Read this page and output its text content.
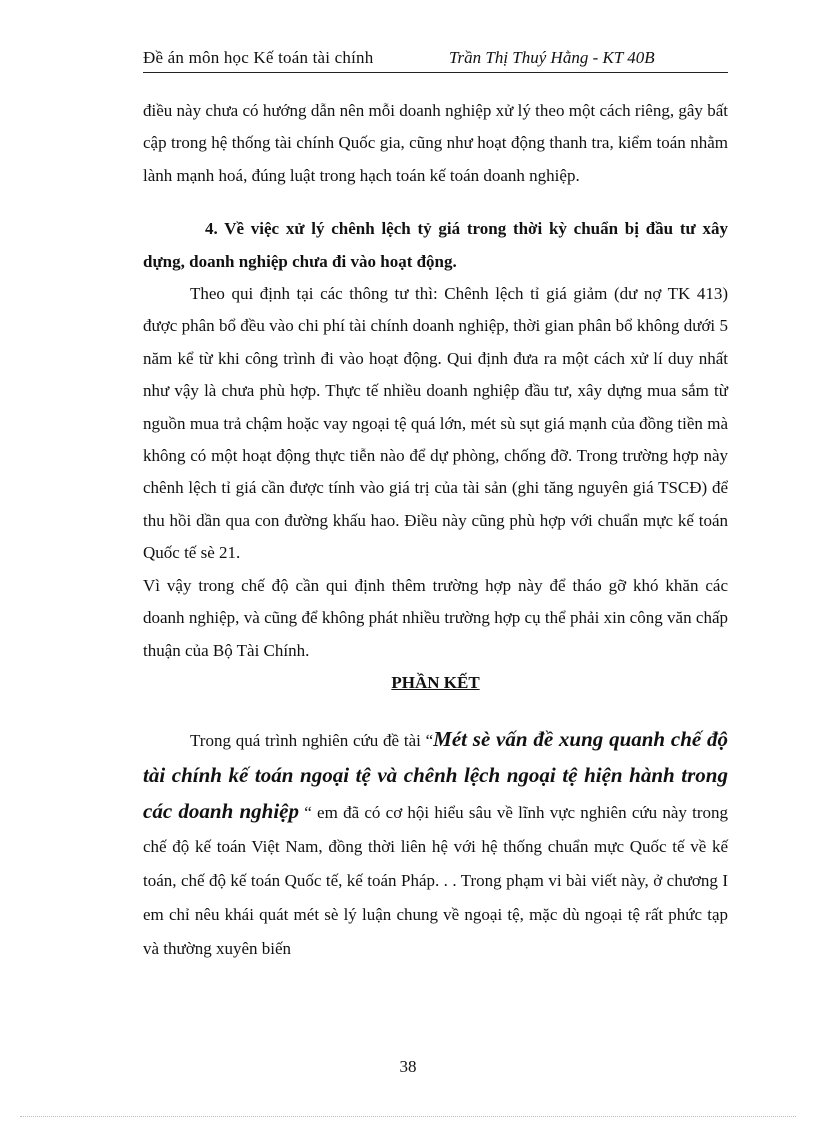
Đề án môn học Kế toán tài chính	Trần Thị Thuý Hằng - KT 40B

điều này chưa có hướng dẫn nên mỗi doanh nghiệp xử lý theo một cách riêng, gây bất cập trong hệ thống tài chính Quốc gia, cũng như hoạt động thanh tra, kiểm toán nhằm lành mạnh hoá, đúng luật trong hạch toán kế toán doanh nghiệp.

4. Về việc xử lý chênh lệch tỷ giá trong thời kỳ chuẩn bị đầu tư xây dựng, doanh nghiệp chưa đi vào hoạt động.

Theo qui định tại các thông tư thì: Chênh lệch tỉ giá giảm (dư nợ TK 413) được phân bổ đều vào chi phí tài chính doanh nghiệp, thời gian phân bổ không dưới 5 năm kể từ khi công trình đi vào hoạt động. Qui định đưa ra một cách xử lí duy nhất như vậy là chưa phù hợp. Thực tế nhiều doanh nghiệp đầu tư, xây dựng mua sắm từ nguồn mua trả chậm hoặc vay ngoại tệ quá lớn, mét sù sụt giá mạnh của đồng tiền mà không có một hoạt động thực tiễn nào để dự phòng, chống đỡ. Trong trường hợp này chênh lệch tỉ giá cần được tính vào giá trị của tài sản (ghi tăng nguyên giá TSCĐ) để thu hồi dần qua con đường khấu hao. Điều này cũng phù hợp với chuẩn mực kế toán Quốc tế sè 21.

Vì vậy trong chế độ cần qui định thêm trường hợp này để tháo gỡ khó khăn các doanh nghiệp, và cũng để không phát nhiều trường hợp cụ thể phải xin công văn chấp thuận của Bộ Tài Chính.

PHẦN KẾT

Trong quá trình nghiên cứu đề tài “Mét sè vấn đề xung quanh chế độ tài chính kế toán ngoại tệ và chênh lệch ngoại tệ hiện hành trong các doanh nghiệp “ em đã có cơ hội hiểu sâu về lĩnh vực nghiên cứu này trong chế độ kế toán Việt Nam, đồng thời liên hệ với hệ thống chuẩn mực Quốc tế về kế toán, chế độ kế toán Quốc tế, kế toán Pháp. . . Trong phạm vi bài viết này, ở chương I em chỉ nêu khái quát mét sè lý luận chung về ngoại tệ, mặc dù ngoại tệ rất phức tạp và thường xuyên biến

38
